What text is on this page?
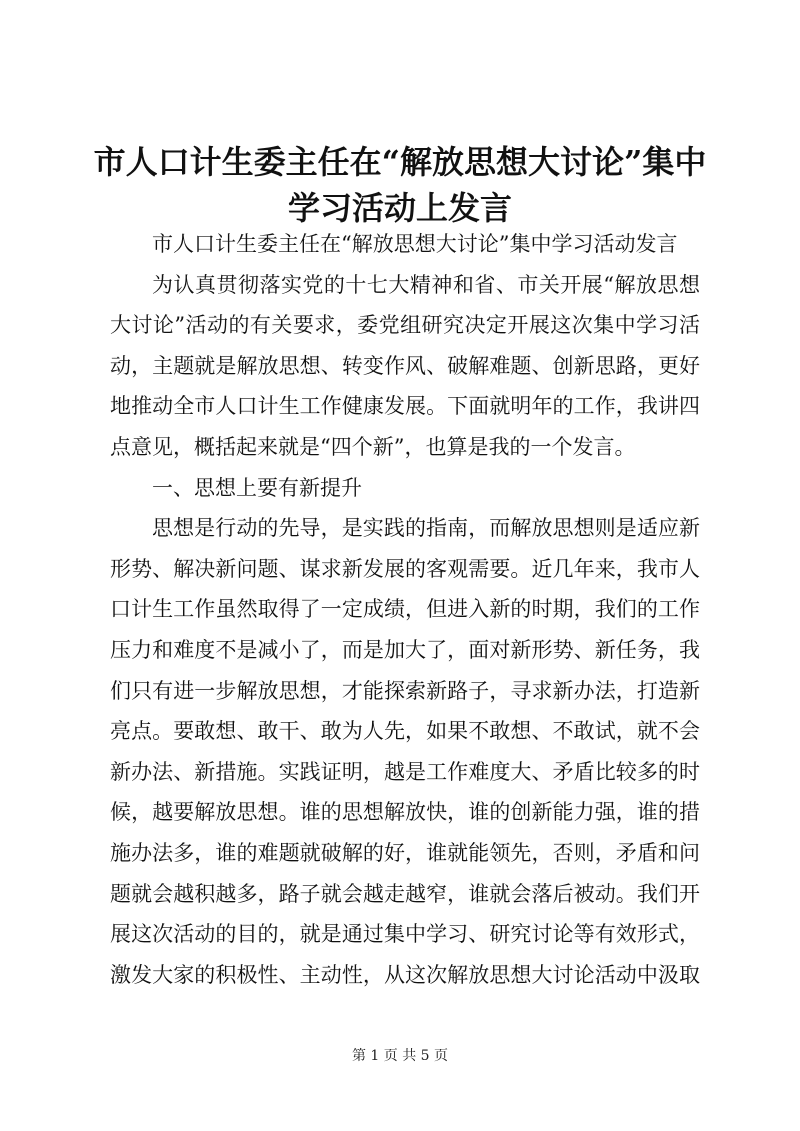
市人口计生委主任在“解放思想大讨论”集中
学习活动上发言

市人口计生委主任在“解放思想大讨论”集中学习活动发言

为认真贯彻落实党的十七大精神和省、市关开展“解放思想

大讨论”活动的有关要求，委党组研究决定开展这次集中学习活

动，主题就是解放思想、转变作风、破解难题、创新思路，更好

地推动全市人口计生工作健康发展。下面就明年的工作，我讲四

点意见，概括起来就是“四个新”，也算是我的一个发言。

一、思想上要有新提升

思想是行动的先导，是实践的指南，而解放思想则是适应新

形势、解决新问题、谋求新发展的客观需要。近几年来，我市人

口计生工作虽然取得了一定成绩，但进入新的时期，我们的工作

压力和难度不是减小了，而是加大了，面对新形势、新任务，我

们只有进一步解放思想，才能探索新路子，寻求新办法，打造新

亮点。要敢想、敢干、敢为人先，如果不敢想、不敢试，就不会

新办法、新措施。实践证明，越是工作难度大、矛盾比较多的时

候，越要解放思想。谁的思想解放快，谁的创新能力强，谁的措

施办法多，谁的难题就破解的好，谁就能领先，否则，矛盾和问

题就会越积越多，路子就会越走越窄，谁就会落后被动。我们开

展这次活动的目的，就是通过集中学习、研究讨论等有效形式，

激发大家的积极性、主动性，从这次解放思想大讨论活动中汲取

第 1 页 共 5 页
